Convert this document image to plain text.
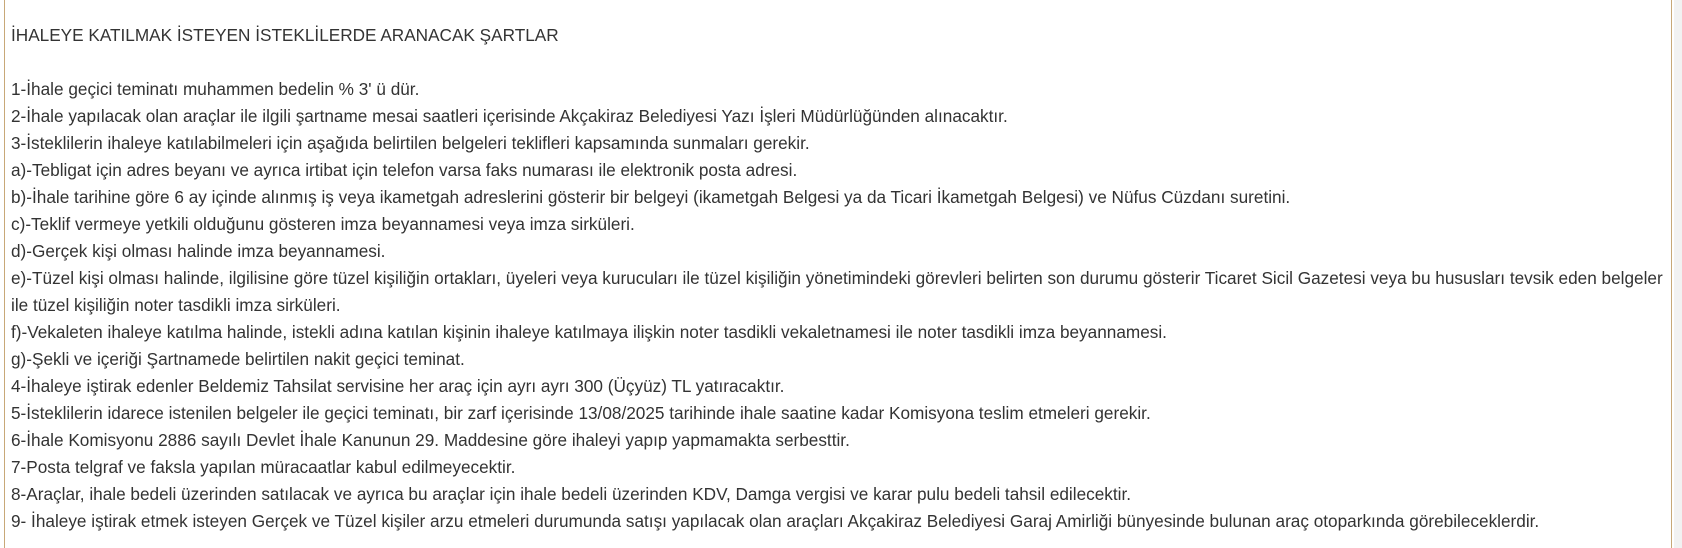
İHALEYE KATILMAK İSTEYEN İSTEKLİLERDE ARANACAK ŞARTLAR

1-İhale geçici teminatı muhammen bedelin % 3' ü dür.

2-İhale yapılacak olan araçlar ile ilgili şartname mesai saatleri içerisinde Akçakiraz Belediyesi Yazı İşleri Müdürlüğünden alınacaktır.

3-İsteklilerin ihaleye katılabilmeleri için aşağıda belirtilen belgeleri teklifleri kapsamında sunmaları gerekir.

a)-Tebligat için adres beyanı ve ayrıca irtibat için telefon varsa faks numarası ile elektronik posta adresi.

b)-İhale tarihine göre 6 ay içinde alınmış iş veya ikametgah adreslerini gösterir bir belgeyi (ikametgah Belgesi ya da Ticari İkametgah Belgesi) ve Nüfus Cüzdanı suretini.

c)-Teklif vermeye yetkili olduğunu gösteren imza beyannamesi veya imza sirküleri.

d)-Gerçek kişi olması halinde imza beyannamesi.

e)-Tüzel kişi olması halinde, ilgilisine göre tüzel kişiliğin ortakları, üyeleri veya kurucuları ile tüzel kişiliğin yönetimindeki görevleri belirten son durumu gösterir Ticaret Sicil Gazetesi veya bu hususları tevsik eden belgeler ile tüzel kişiliğin noter tasdikli imza sirküleri.

f)-Vekaleten ihaleye katılma halinde, istekli adına katılan kişinin ihaleye katılmaya ilişkin noter tasdikli vekaletnamesi ile noter tasdikli imza beyannamesi.

g)-Şekli ve içeriği Şartnamede belirtilen nakit geçici teminat.

4-İhaleye iştirak edenler Beldemiz Tahsilat servisine her araç için ayrı ayrı 300 (Üçyüz) TL yatıracaktır.

5-İsteklilerin idarece istenilen belgeler ile geçici teminatı, bir zarf içerisinde 13/08/2025 tarihinde ihale saatine kadar Komisyona teslim etmeleri gerekir.

6-İhale Komisyonu 2886 sayılı Devlet İhale Kanunun 29. Maddesine göre ihaleyi yapıp yapmamakta serbesttir.

7-Posta telgraf ve faksla yapılan müracaatlar kabul edilmeyecektir.

8-Araçlar, ihale bedeli üzerinden satılacak ve ayrıca bu araçlar için ihale bedeli üzerinden KDV, Damga vergisi ve karar pulu bedeli tahsil edilecektir.

9- İhaleye iştirak etmek isteyen Gerçek ve Tüzel kişiler arzu etmeleri durumunda satışı yapılacak olan araçları Akçakiraz Belediyesi Garaj Amirliği bünyesinde bulunan araç otoparkında görebileceklerdir.
